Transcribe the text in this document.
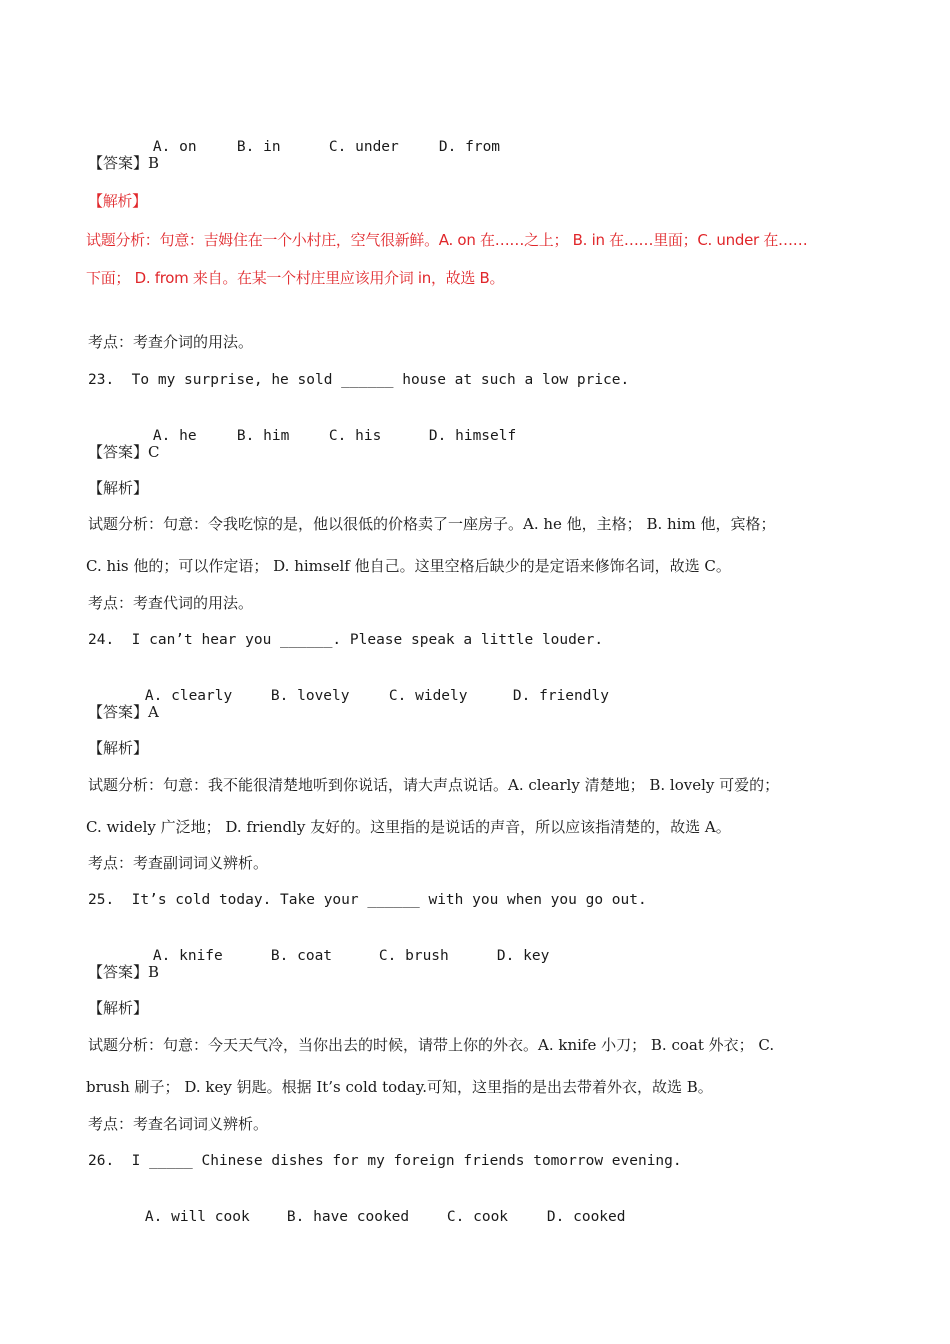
A. on	B. in	C. under	D. from

【答案】B
【解析】
试题分析：句意：吉姆住在一个小村庄，空气很新鲜。A. on 在……之上； B. in 在……里面；C. under 在……
下面； D. from 来自。在某一个村庄里应该用介词 in，故选 B。
考点：考查介词的用法。
23.  To my surprise, he sold ______ house at such a low price.

A. he	B. him	C. his	D. himself

【答案】C
【解析】
试题分析：句意：令我吃惊的是，他以很低的价格卖了一座房子。A. he 他，主格； B. him 他，宾格；
C. his 他的；可以作定语； D. himself 他自己。这里空格后缺少的是定语来修饰名词，故选 C。
考点：考查代词的用法。
24.  I can’t hear you ______. Please speak a little louder.

A. clearly	B. lovely	C. widely	D. friendly

【答案】A
【解析】
试题分析：句意：我不能很清楚地听到你说话，请大声点说话。A. clearly 清楚地； B. lovely 可爱的；
C. widely 广泛地； D. friendly 友好的。这里指的是说话的声音，所以应该指清楚的，故选 A。
考点：考查副词词义辨析。
25.  It’s cold today. Take your ______ with you when you go out.

A. knife	B. coat	C. brush	D. key

【答案】B
【解析】
试题分析：句意：今天天气冷，当你出去的时候，请带上你的外衣。A. knife 小刀； B. coat 外衣； C.
brush 刷子； D. key 钥匙。根据 It’s cold today.可知，这里指的是出去带着外衣，故选 B。
考点：考查名词词义辨析。
26.  I _____ Chinese dishes for my foreign friends tomorrow evening.

A. will cook	B. have cooked	C. cook	D. cooked
